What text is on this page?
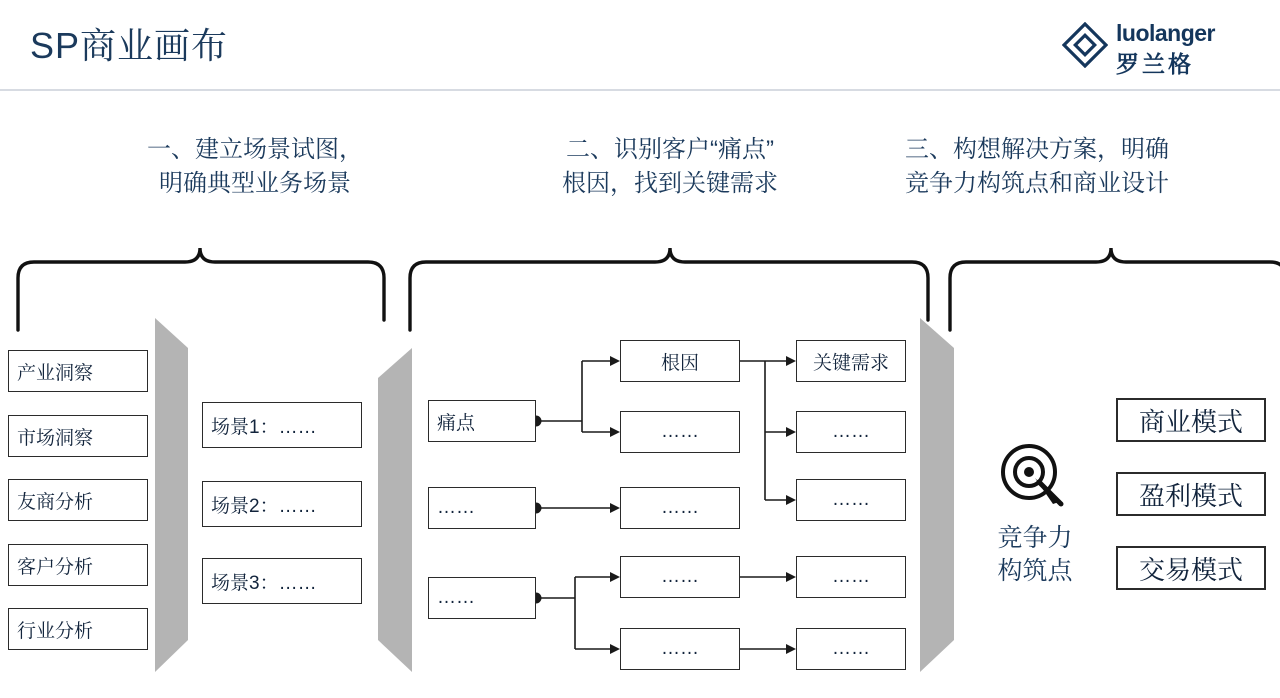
SP商业画布	luolanger
罗兰格
一、建立场景试图，
明确典型业务场景
二、识别客户“痛点”
根因，找到关键需求
三、构想解决方案，明确
竞争力构筑点和商业设计
产业洞察
市场洞察
友商分析
客户分析
行业分析
场景1：……
场景2：……
场景3：……
痛点
……
……
根因
……
……
……
……
关键需求
……
……
……
……
竞争力
构筑点
商业模式
盈利模式
交易模式
